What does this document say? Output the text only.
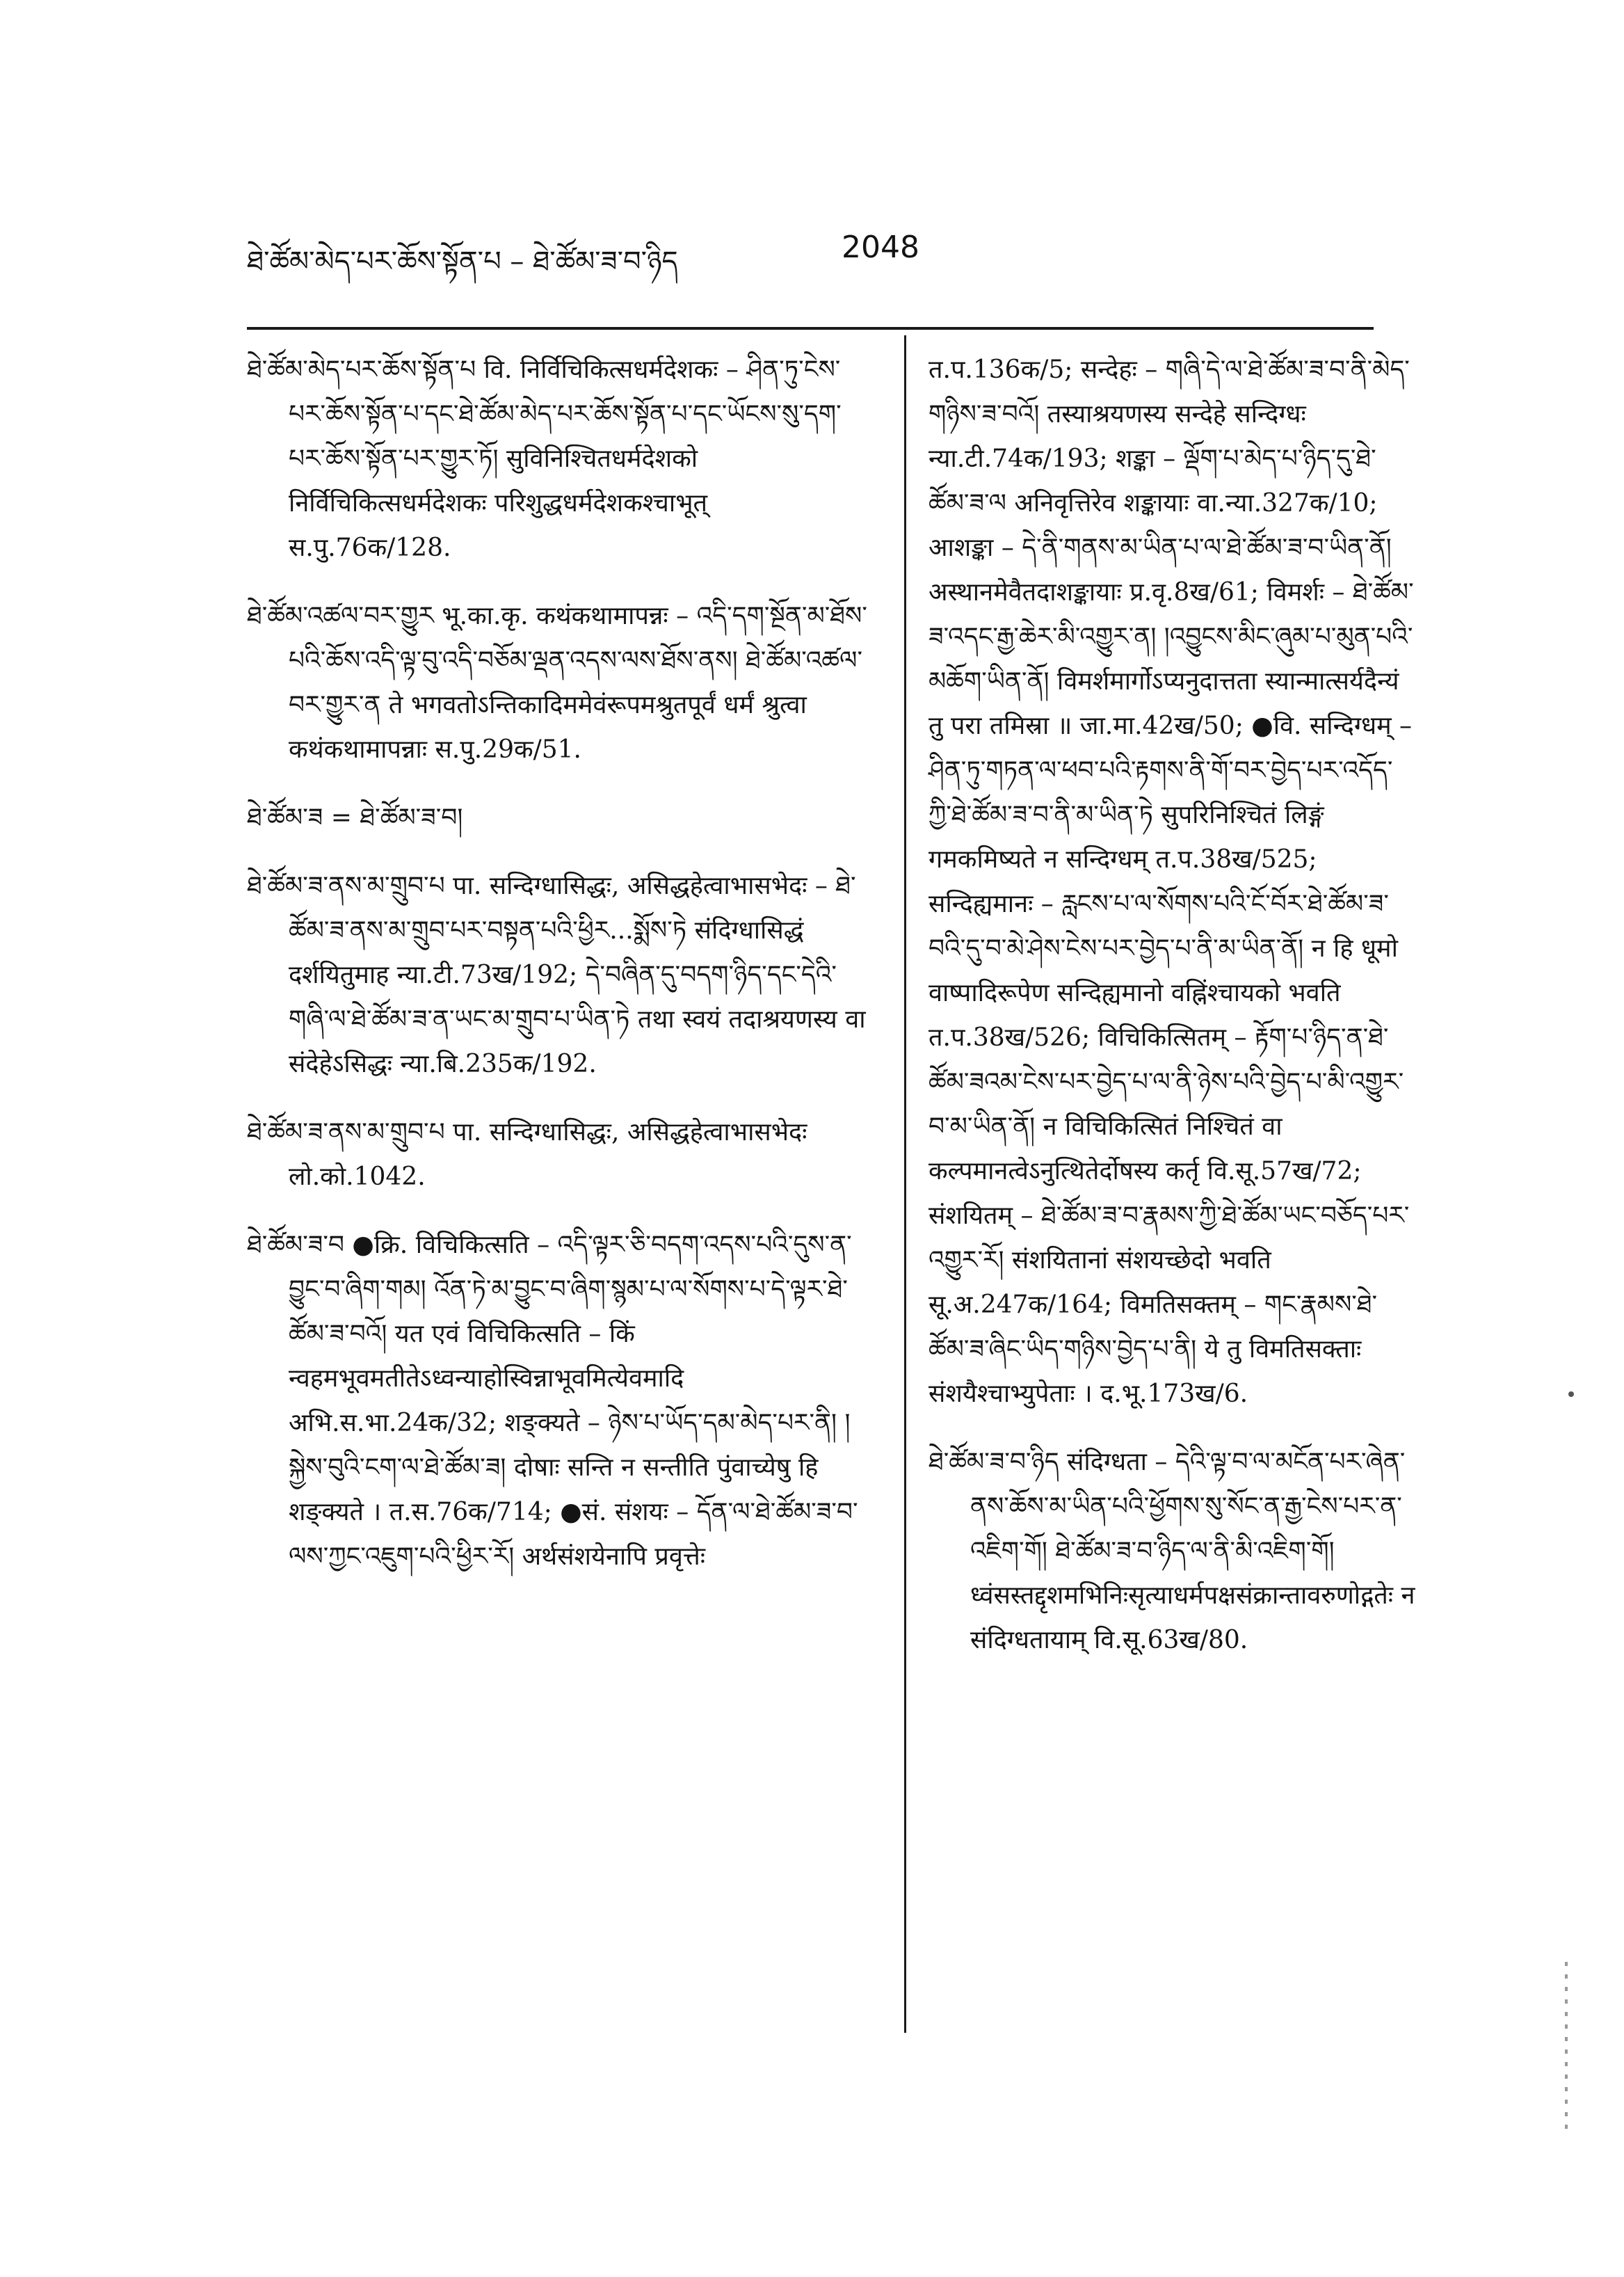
ཐེ་ཚོམ་མེད་པར་ཆོས་སྟོན་པ – ཐེ་ཚོམ་ཟ་བ་ཉིད	2048

ཐེ་ཚོམ་མེད་པར་ཆོས་སྟོན་པ वि. निर्विचिकित्सधर्मदेशकः – ཤིན་ཏུ་ངེས་པར་ཆོས་སྟོན་པ་དང་ཐེ་ཚོམ་མེད་པར་ཆོས་སྟོན་པ་དང་ཡོངས་སུ་དག་པར་ཆོས་སྟོན་པར་གྱུར་ཏོ། सुविनिश्चितधर्मदेशको निर्विचिकित्सधर्मदेशकः परिशुद्धधर्मदेशकश्चाभूत् स.पु.76क/128.

ཐེ་ཚོམ་འཚལ་བར་གྱུར भू.का.कृ. कथंकथामापन्नः – འདི་དག་སྔོན་མ་ཐོས་པའི་ཆོས་འདི་ལྟ་བུ་འདི་བཅོམ་ལྡན་འདས་ལས་ཐོས་ནས། ཐེ་ཚོམ་འཚལ་བར་གྱུར་ན ते भगवतोऽन्तिकादिममेवंरूपमश्रुतपूर्वं धर्मं श्रुत्वा कथंकथामापन्नाः स.पु.29क/51.

ཐེ་ཚོམ་ཟ = ཐེ་ཚོམ་ཟ་བ།

ཐེ་ཚོམ་ཟ་ནས་མ་གྲུབ་པ पा. सन्दिग्धासिद्धः, असिद्धहेत्वाभासभेदः – ཐེ་ཚོམ་ཟ་ནས་མ་གྲུབ་པར་བསྟན་པའི་ཕྱིར...སྨོས་ཏེ संदिग्धासिद्धं दर्शयितुमाह न्या.टी.73ख/192; དེ་བཞིན་དུ་བདག་ཉིད་དང་དེའི་གཞི་ལ་ཐེ་ཚོམ་ཟ་ན་ཡང་མ་གྲུབ་པ་ཡིན་ཏེ तथा स्वयं तदाश्रयणस्य वा संदेहेऽसिद्धः न्या.बि.235क/192.

ཐེ་ཚོམ་ཟ་ནས་མ་གྲུབ་པ पा. सन्दिग्धासिद्धः, असिद्धहेत्वाभासभेदः लो.को.1042.

ཐེ་ཚོམ་ཟ་བ ●क्रि. विचिकित्सति – འདི་ལྟར་ཅི་བདག་འདས་པའི་དུས་ན་བྱུང་བ་ཞིག་གམ། འོན་ཏེ་མ་བྱུང་བ་ཞིག་སྙམ་པ་ལ་སོགས་པ་དེ་ལྟར་ཐེ་ཚོམ་ཟ་བའོ། यत एवं विचिकित्सति – किं न्वहमभूवमतीतेऽध्वन्याहोस्विन्नाभूवमित्येवमादि अभि.स.भा.24क/32; शङ्क्यते – ཉེས་པ་ཡོད་དམ་མེད་པར་ནི། །སྐྱེས་བུའི་ངག་ལ་ཐེ་ཚོམ་ཟ། दोषाः सन्ति न सन्तीति पुंवाच्येषु हि शङ्क्यते । त.स.76क/714; ●सं. संशयः – དོན་ལ་ཐེ་ཚོམ་ཟ་བ་ལས་ཀྱང་འཇུག་པའི་ཕྱིར་རོ། अर्थसंशयेनापि प्रवृत्तेः

त.प.136क/5; सन्देहः – གཞི་དེ་ལ་ཐེ་ཚོམ་ཟ་བ་ནི་མེད་གཉིས་ཟ་བའོ། तस्याश्रयणस्य सन्देहे सन्दिग्धः न्या.टी.74क/193; शङ्का – ལྡོག་པ་མེད་པ་ཉིད་དུ་ཐེ་ཚོམ་ཟ་ལ अनिवृत्तिरेव शङ्कायाः वा.न्या.327क/10; आशङ्का – དེ་ནི་གནས་མ་ཡིན་པ་ལ་ཐེ་ཚོམ་ཟ་བ་ཡིན་ནོ། अस्थानमेवैतदाशङ्कायाः प्र.वृ.8ख/61; विमर्शः – ཐེ་ཚོམ་ཟ་འདང་རྒྱ་ཆེར་མི་འགྱུར་ན། །འབྱུངས་མིང་ཞུམ་པ་མུན་པའི་མཆོག་ཡིན་ནོ། विमर्शमार्गोऽप्यनुदात्तता स्यान्मात्सर्यदैन्यं तु परा तमिस्रा ॥ जा.मा.42ख/50; ●वि. सन्दिग्धम् – ཤིན་ཏུ་གཏན་ལ་ཕབ་པའི་རྟགས་ནི་གོ་བར་བྱེད་པར་འདོད་ཀྱི་ཐེ་ཚོམ་ཟ་བ་ནི་མ་ཡིན་ཏེ सुपरिनिश्चितं लिङ्गं गमकमिष्यते न सन्दिग्धम् त.प.38ख/525; सन्दिह्यमानः – རླངས་པ་ལ་སོགས་པའི་ངོ་བོར་ཐེ་ཚོམ་ཟ་བའི་དུ་བ་མེ་ཤེས་ངེས་པར་བྱེད་པ་ནི་མ་ཡིན་ནོ། न हि धूमो वाष्पादिरूपेण सन्दिह्यमानो वह्निंश्चायको भवति त.प.38ख/526; विचिकित्सितम् – རྟོག་པ་ཉིད་ན་ཐེ་ཚོམ་ཟའམ་ངེས་པར་བྱེད་པ་ལ་ནི་ཉེས་པའི་བྱེད་པ་མི་འགྱུར་བ་མ་ཡིན་ནོ། न विचिकित्सितं निश्चितं वा कल्पमानत्वेऽनुत्थितेर्दोषस्य कर्तृ वि.सू.57ख/72; संशयितम् – ཐེ་ཚོམ་ཟ་བ་རྣམས་ཀྱི་ཐེ་ཚོམ་ཡང་བཅོད་པར་འགྱུར་རོ། संशयितानां संशयच्छेदो भवति सू.अ.247क/164; विमतिसक्तम् – གང་རྣམས་ཐེ་ཚོམ་ཟ་ཞིང་ཡིད་གཉིས་བྱེད་པ་ནི། ये तु विमतिसक्ताः संशयैश्चाभ्युपेताः । द.भू.173ख/6.

ཐེ་ཚོམ་ཟ་བ་ཉིད संदिग्धता – དེའི་ལྟ་བ་ལ་མངོན་པར་ཞེན་ནས་ཆོས་མ་ཡིན་པའི་ཕྱོགས་སུ་སོང་ན་རྒྱ་ངེས་པར་ན་འཇིག་གོ། ཐེ་ཚོམ་ཟ་བ་ཉིད་ལ་ནི་མི་འཇིག་གོ། ध्वंसस्तद्दृशमभिनिःसृत्याधर्मपक्षसंक्रान्तावरुणोद्गतेः न संदिग्धतायाम् वि.सू.63ख/80.
